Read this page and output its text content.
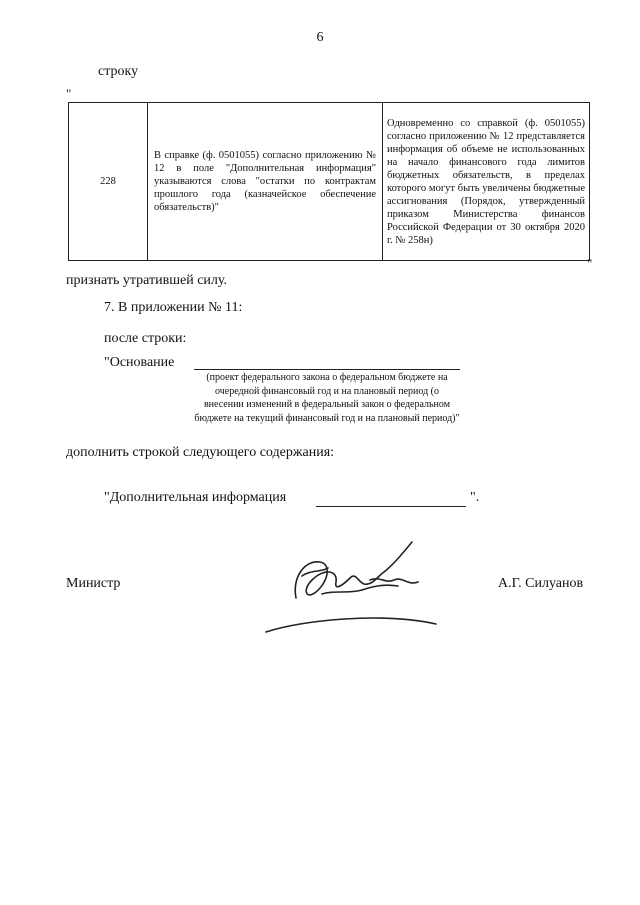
6
строку
"
228	В справке (ф. 0501055) согласно приложению № 12 в поле "Дополнительная информация" указываются слова "остатки по контрактам прошлого года (казначейское обеспечение обязательств)"	Одновременно со справкой (ф. 0501055) согласно приложению № 12 представляется информация об объеме не использованных на начало финансового года лимитов бюджетных обязательств, в пределах которого могут быть увеличены бюджетные ассигнования (Порядок, утвержденный приказом Министерства финансов Российской Федерации от 30 октября 2020 г. № 258н)
"
признать утратившей силу.
7. В приложении № 11:
после строки:
"Основание
(проект федерального закона о федеральном бюджете на очередной финансовый год и на плановый период (о внесении изменений в федеральный закон о федеральном бюджете на текущий финансовый год и на плановый период)"
дополнить строкой следующего содержания:
"Дополнительная информация	".
Министр	А.Г. Силуанов
